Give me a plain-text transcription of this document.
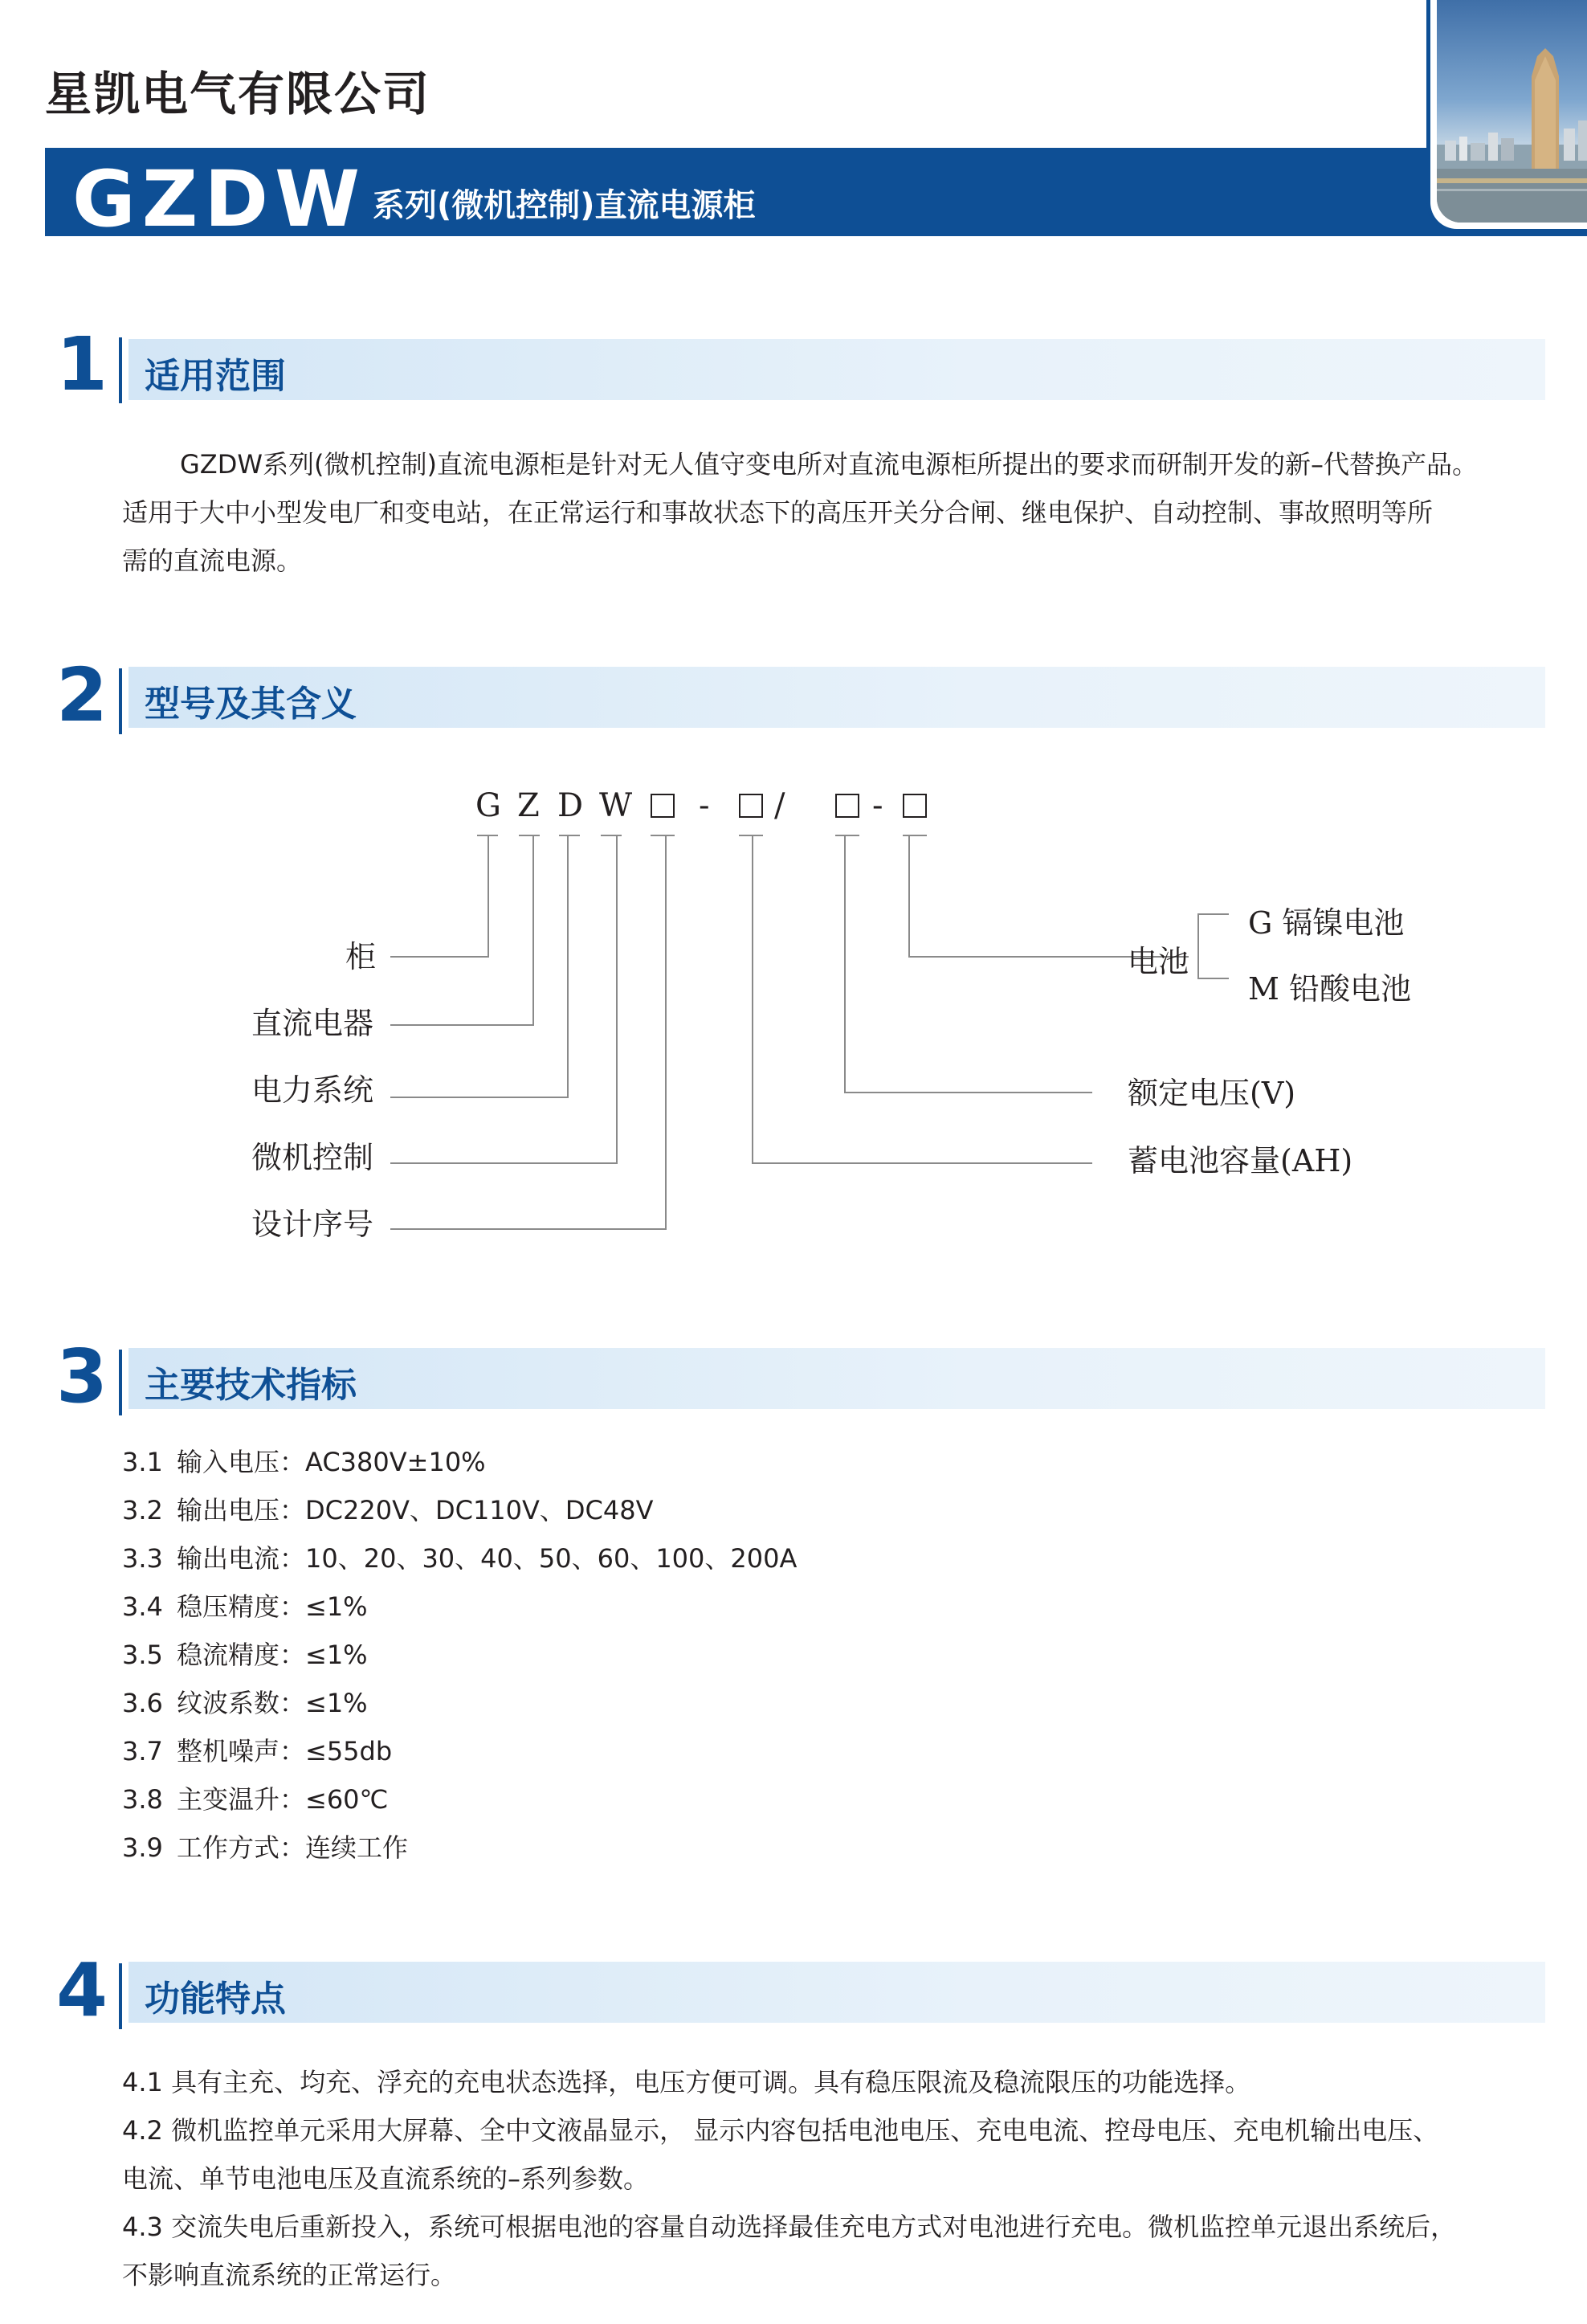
星凯电气有限公司
GZDW 系列(微机控制)直流电源柜
1 适用范围
GZDW系列(微机控制)直流电源柜是针对无人值守变电所对直流电源柜所提出的要求而研制开发的新–代替换产品。
适用于大中小型发电厂和变电站，在正常运行和事故状态下的高压开关分合闸、继电保护、自动控制、事故照明等所
需的直流电源。
2 型号及其含义
G Z D W - /	-
柜
直流电器
电力系统
微机控制
设计序号
电池
G 镉镍电池
M 铅酸电池
额定电压(V)
蓄电池容量(AH)
3 主要技术指标
3.1 输入电压：AC380V±10%
3.2 输出电压：DC220V、DC110V、DC48V
3.3 输出电流：10、20、30、40、50、60、100、200A
3.4 稳压精度：≤1%
3.5 稳流精度：≤1%
3.6 纹波系数：≤1%
3.7 整机噪声：≤55db
3.8 主变温升：≤60℃
3.9 工作方式：连续工作
4 功能特点
4.1 具有主充、均充、浮充的充电状态选择，电压方便可调。具有稳压限流及稳流限压的功能选择。
4.2 微机监控单元采用大屏幕、全中文液晶显示， 显示内容包括电池电压、充电电流、控母电压、充电机输出电压、
电流、单节电池电压及直流系统的–系列参数。
4.3 交流失电后重新投入，系统可根据电池的容量自动选择最佳充电方式对电池进行充电。微机监控单元退出系统后，
不影响直流系统的正常运行。
